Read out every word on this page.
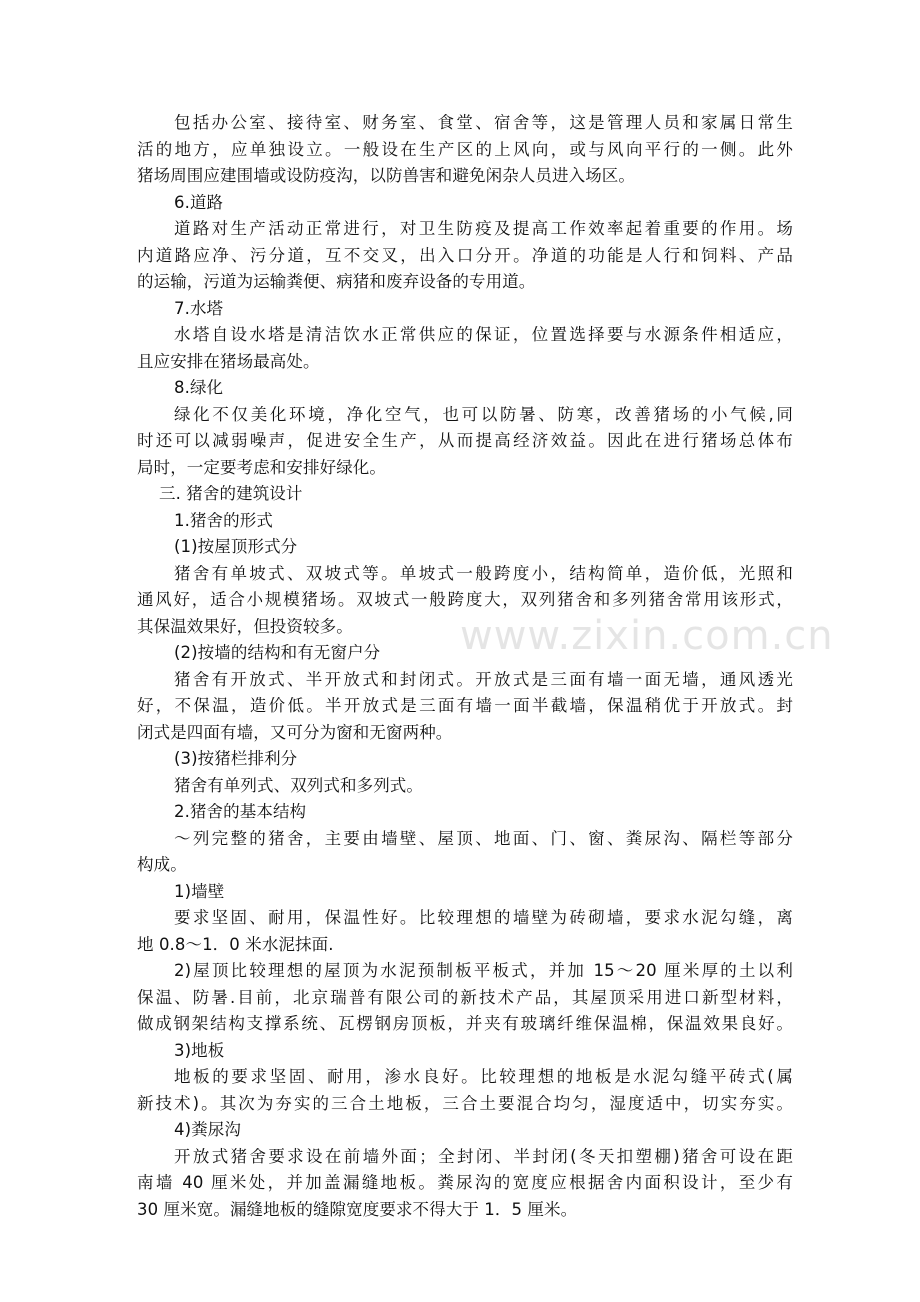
www.zixin.com.cn
包括办公室、接待室、财务室、食堂、宿舍等，这是管理人员和家属日常生
活的地方，应单独设立。一般设在生产区的上风向，或与风向平行的一侧。此外
猪场周围应建围墙或设防疫沟，以防兽害和避免闲杂人员进入场区。
6.道路
道路对生产活动正常进行，对卫生防疫及提高工作效率起着重要的作用。场
内道路应净、污分道，互不交叉，出入口分开。净道的功能是人行和饲料、产品
的运输，污道为运输粪便、病猪和废弃设备的专用道。
7.水塔
水塔自设水塔是清洁饮水正常供应的保证，位置选择要与水源条件相适应，
且应安排在猪场最高处。
8.绿化
绿化不仅美化环境，净化空气，也可以防暑、防寒，改善猪场的小气候,同
时还可以减弱噪声，促进安全生产，从而提高经济效益。因此在进行猪场总体布
局时，一定要考虑和安排好绿化。
三. 猪舍的建筑设计
1.猪舍的形式
(1)按屋顶形式分
猪舍有单坡式、双坡式等。单坡式一般跨度小，结构简单，造价低，光照和
通风好，适合小规模猪场。双坡式一般跨度大，双列猪舍和多列猪舍常用该形式，
其保温效果好，但投资较多。
(2)按墙的结构和有无窗户分
猪舍有开放式、半开放式和封闭式。开放式是三面有墙一面无墙，通风透光
好，不保温，造价低。半开放式是三面有墙一面半截墙，保温稍优于开放式。封
闭式是四面有墙，又可分为窗和无窗两种。
(3)按猪栏排利分
猪舍有单列式、双列式和多列式。
2.猪舍的基本结构
～列完整的猪舍，主要由墙壁、屋顶、地面、门、窗、粪尿沟、隔栏等部分
构成。
1)墙壁
要求坚固、耐用，保温性好。比较理想的墙壁为砖砌墙，要求水泥勾缝，离
地 0.8～1．0 米水泥抹面.
2)屋顶比较理想的屋顶为水泥预制板平板式，并加 15～20 厘米厚的土以利
保温、防暑.目前，北京瑞普有限公司的新技术产品，其屋顶采用进口新型材料，
做成钢架结构支撑系统、瓦楞钢房顶板，并夹有玻璃纤维保温棉，保温效果良好。
3)地板
地板的要求坚固、耐用，渗水良好。比较理想的地板是水泥勾缝平砖式(属
新技术)。其次为夯实的三合土地板，三合土要混合均匀，湿度适中，切实夯实。
4)粪尿沟
开放式猪舍要求设在前墙外面；全封闭、半封闭(冬天扣塑棚)猪舍可设在距
南墙 40 厘米处，并加盖漏缝地板。粪尿沟的宽度应根据舍内面积设计，至少有
30 厘米宽。漏缝地板的缝隙宽度要求不得大于 1．5 厘米。
